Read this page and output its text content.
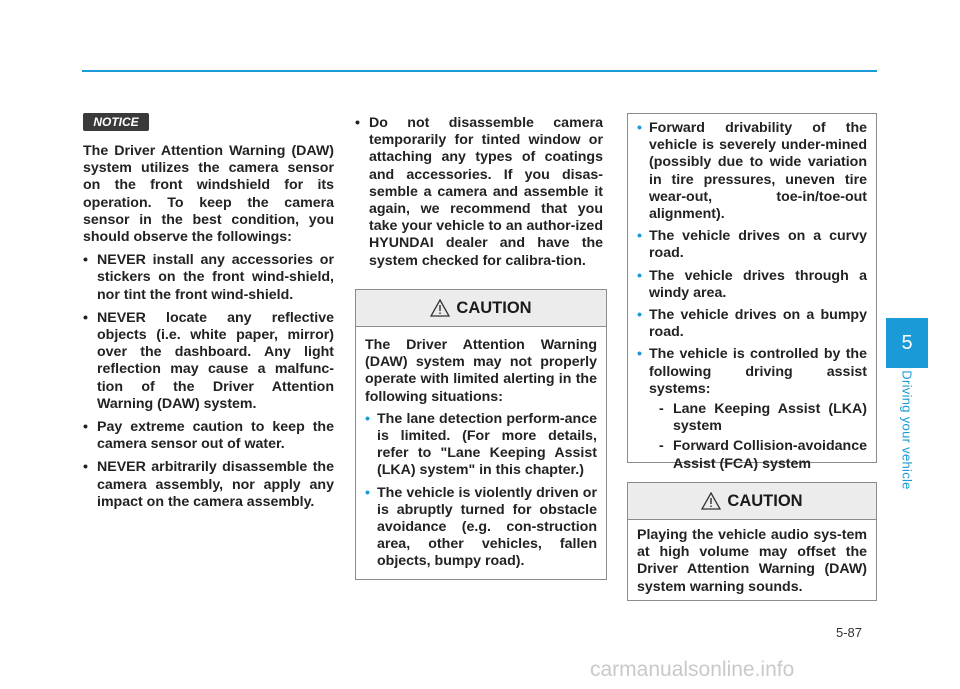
NOTICE

The Driver Attention Warning (DAW) system utilizes the camera sensor on the front windshield for its operation. To keep the camera sensor in the best condition, you should observe the followings:

• NEVER install any accessories or stickers on the front wind-shield, nor tint the front wind-shield.
• NEVER locate any reflective objects (i.e. white paper, mirror) over the dashboard. Any light reflection may cause a malfunc-tion of the Driver Attention Warning (DAW) system.
• Pay extreme caution to keep the camera sensor out of water.
• NEVER arbitrarily disassemble the camera assembly, nor apply any impact on the camera assembly.
• Do not disassemble camera temporarily for tinted window or attaching any types of coatings and accessories. If you disas-semble a camera and assemble it again, we recommend that you take your vehicle to an author-ized HYUNDAI dealer and have the system checked for calibra-tion.
CAUTION

The Driver Attention Warning (DAW) system may not properly operate with limited alerting in the following situations:

• The lane detection perform-ance is limited. (For more details, refer to "Lane Keeping Assist (LKA) system" in this chapter.)
• The vehicle is violently driven or is abruptly turned for obstacle avoidance (e.g. con-struction area, other vehicles, fallen objects, bumpy road).
• Forward drivability of the vehicle is severely under-mined (possibly due to wide variation in tire pressures, uneven tire wear-out, toe-in/toe-out alignment).
• The vehicle drives on a curvy road.
• The vehicle drives through a windy area.
• The vehicle drives on a bumpy road.
• The vehicle is controlled by the following driving assist systems:
- Lane Keeping Assist (LKA) system
- Forward Collision-avoidance Assist (FCA) system
CAUTION

Playing the vehicle audio sys-tem at high volume may offset the Driver Attention Warning (DAW) system warning sounds.

5
Driving your vehicle
5-87
carmanualsonline.info
